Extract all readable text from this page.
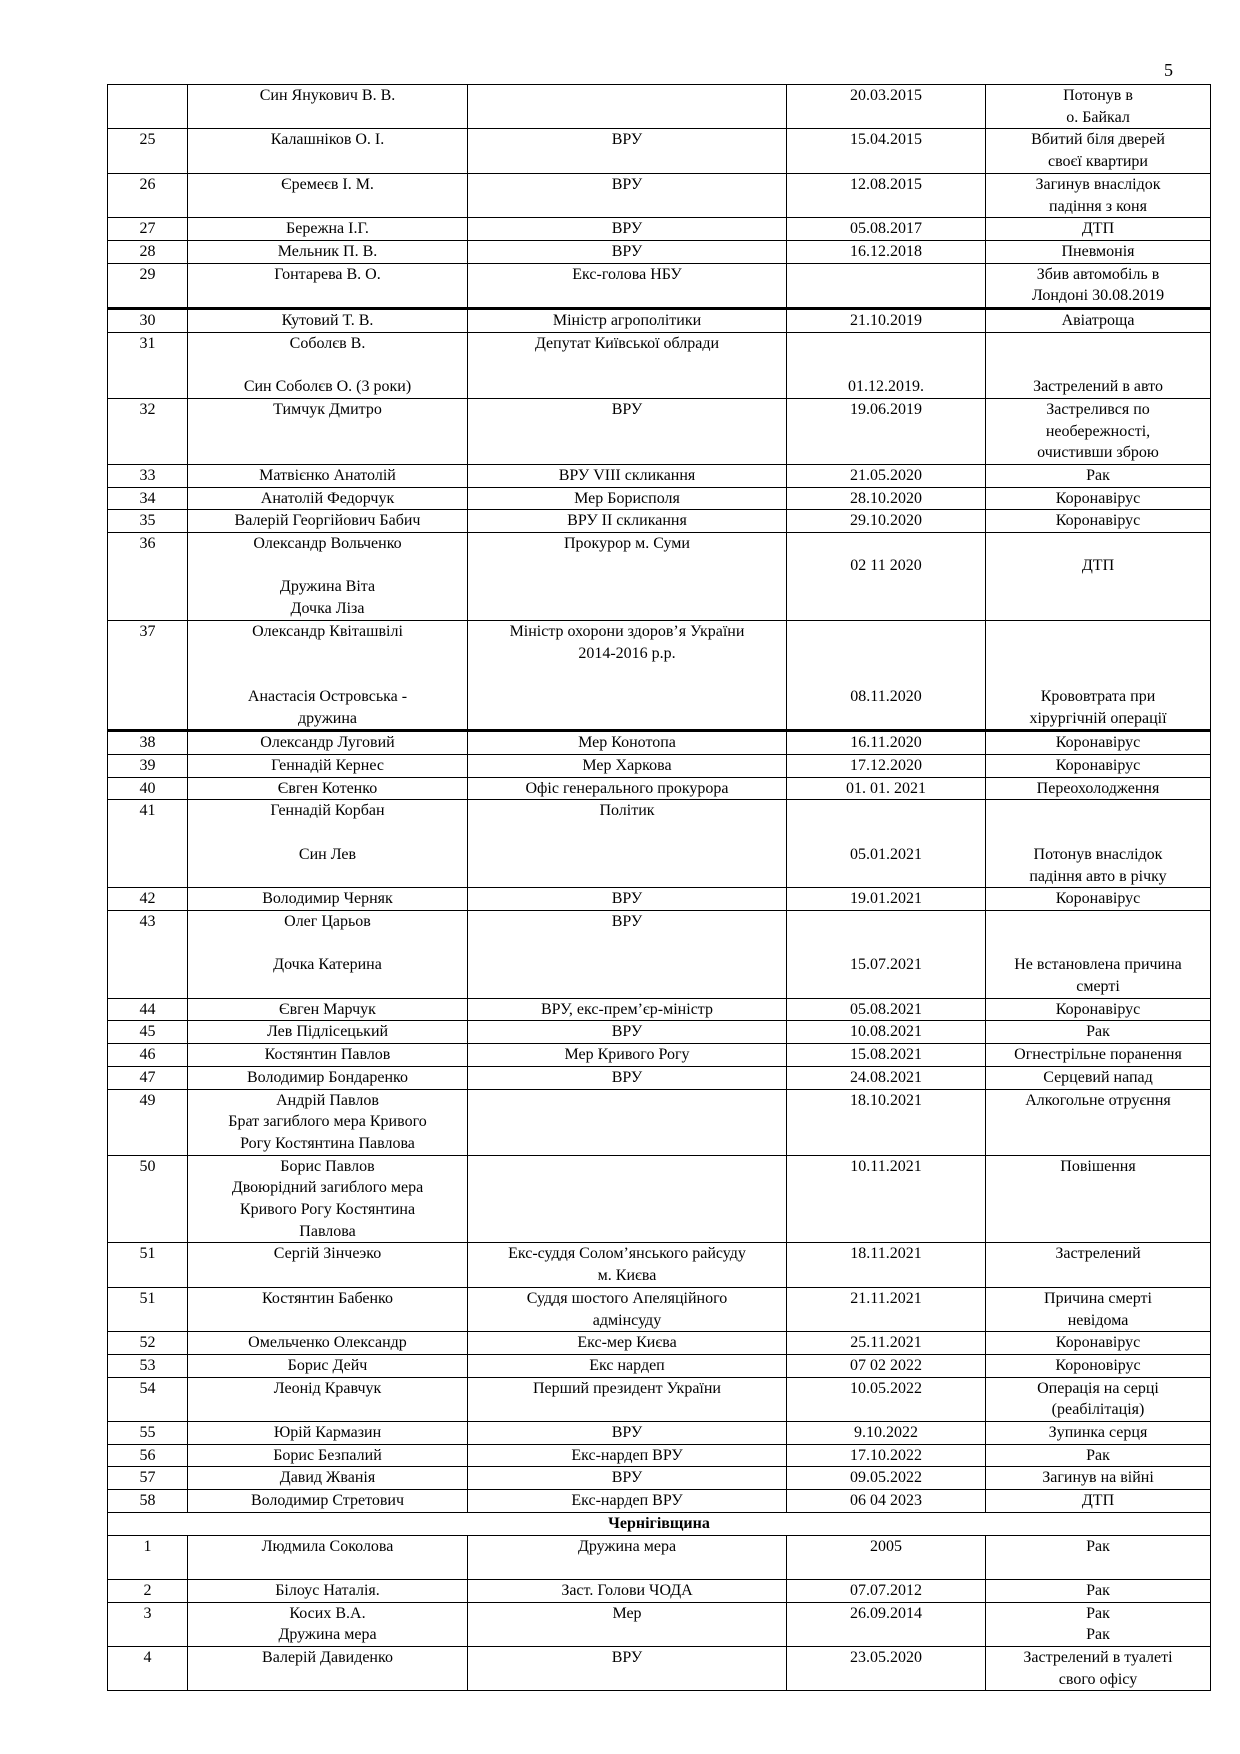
5

	Син Янукович В. В.		20.03.2015	Потонув в
о. Байкал

25	Калашніков О. І.	ВРУ	15.04.2015	Вбитий біля дверей
своєї квартири

26	Єремеєв І. М.	ВРУ	12.08.2015	Загинув внаслідок
падіння з коня

27	Бережна І.Г.	ВРУ	05.08.2017	ДТП

28	Мельник П. В.	ВРУ	16.12.2018	Пневмонія

29	Гонтарева В. О.	Екс-голова НБУ		Збив автомобіль в
Лондоні 30.08.2019

30	Кутовий Т. В.	Міністр агрополітики	21.10.2019	Авіатроща

31	Соболєв В.
Син Соболєв О. (3 роки)	Депутат Київської облради	01.12.2019.	Застрелений в авто

32	Тимчук Дмитро	ВРУ	19.06.2019	Застрелився по
необережності,
очистивши зброю

33	Матвієнко Анатолій	ВРУ VIII скликання	21.05.2020	Рак

34	Анатолій Федорчук	Мер Борисполя	28.10.2020	Коронавірус

35	Валерій Георгійович Бабич	ВРУ II скликання	29.10.2020	Коронавірус

36	Олександр Вольченко
Дружина Віта
Дочка Ліза	Прокурор м. Суми	02 11 2020	ДТП

37	Олександр Квіташвілі
Анастасія Островська -
дружина	Міністр охорони здоров’я України
2014-2016 р.р.	08.11.2020	Крововтрата при
хірургічній операції

38	Олександр Луговий	Мер Конотопа	16.11.2020	Коронавірус

39	Геннадій Кернес	Мер Харкова	17.12.2020	Коронавірус

40	Євген Котенко	Офіс генерального прокурора	01. 01. 2021	Переохолодження

41	Геннадій Корбан
Син Лев	Політик	05.01.2021	Потонув внаслідок
падіння авто в річку

42	Володимир Черняк	ВРУ	19.01.2021	Коронавірус

43	Олег Царьов
Дочка Катерина	ВРУ	15.07.2021	Не встановлена причина
смерті

44	Євген Марчук	ВРУ, екс-прем’єр-міністр	05.08.2021	Коронавірус

45	Лев Підлісецький	ВРУ	10.08.2021	Рак

46	Костянтин Павлов	Мер Кривого Рогу	15.08.2021	Огнестрільне поранення

47	Володимир Бондаренко	ВРУ	24.08.2021	Серцевий напад

49	Андрій Павлов
Брат загиблого мера Кривого
Рогу Костянтина Павлова		18.10.2021	Алкогольне отруєння

50	Борис Павлов
Двоюрідний загиблого мера
Кривого Рогу Костянтина
Павлова		10.11.2021	Повішення

51	Сергій Зінчеэко	Екс-суддя Солом’янського райсуду
м. Києва	18.11.2021	Застрелений

51	Костянтин Бабенко	Суддя шостого Апеляційного
адмінсуду	21.11.2021	Причина смерті
невідома

52	Омельченко Олександр	Екс-мер Києва	25.11.2021	Коронавірус

53	Борис Дейч	Екс нардеп	07 02 2022	Короновірус

54	Леонід Кравчук	Перший президент України	10.05.2022	Операція на серці
(реабілітація)

55	Юрій Кармазин	ВРУ	9.10.2022	Зупинка серця

56	Борис Безпалий	Екс-нардеп ВРУ	17.10.2022	Рак

57	Давид Жванія	ВРУ	09.05.2022	Загинув на війні

58	Володимир Стретович	Екс-нардеп ВРУ	06 04 2023	ДТП

Чернігівщина				

1	Людмила Соколова	Дружина мера	2005	Рак

2	Білоус Наталія.	Заст. Голови ЧОДА	07.07.2012	Рак

3	Косих В.А.
Дружина мера	Мер	26.09.2014	Рак
Рак

4	Валерій Давиденко	ВРУ	23.05.2020	Застрелений в туалеті
свого офісу
